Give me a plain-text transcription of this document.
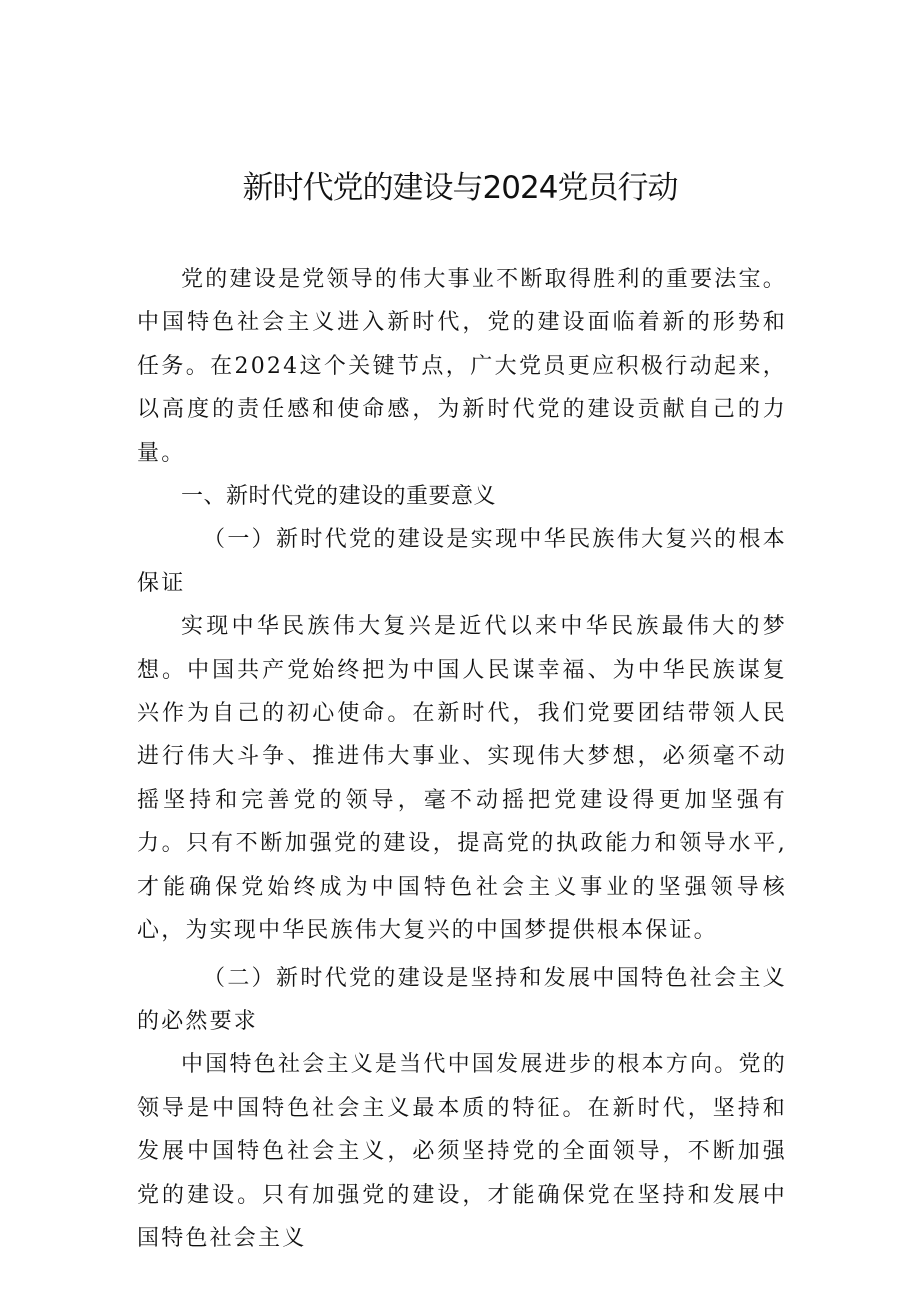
新时代党的建设与2024党员行动

党的建设是党领导的伟大事业不断取得胜利的重要法宝。中国特色社会主义进入新时代，党的建设面临着新的形势和任务。在2024这个关键节点，广大党员更应积极行动起来，以高度的责任感和使命感，为新时代党的建设贡献自己的力量。

一、新时代党的建设的重要意义

（一）新时代党的建设是实现中华民族伟大复兴的根本保证

实现中华民族伟大复兴是近代以来中华民族最伟大的梦想。中国共产党始终把为中国人民谋幸福、为中华民族谋复兴作为自己的初心使命。在新时代，我们党要团结带领人民进行伟大斗争、推进伟大事业、实现伟大梦想，必须毫不动摇坚持和完善党的领导，毫不动摇把党建设得更加坚强有力。只有不断加强党的建设，提高党的执政能力和领导水平,才能确保党始终成为中国特色社会主义事业的坚强领导核心，为实现中华民族伟大复兴的中国梦提供根本保证。

（二）新时代党的建设是坚持和发展中国特色社会主义的必然要求

中国特色社会主义是当代中国发展进步的根本方向。党的领导是中国特色社会主义最本质的特征。在新时代，坚持和发展中国特色社会主义，必须坚持党的全面领导，不断加强党的建设。只有加强党的建设，才能确保党在坚持和发展中国特色社会主义
